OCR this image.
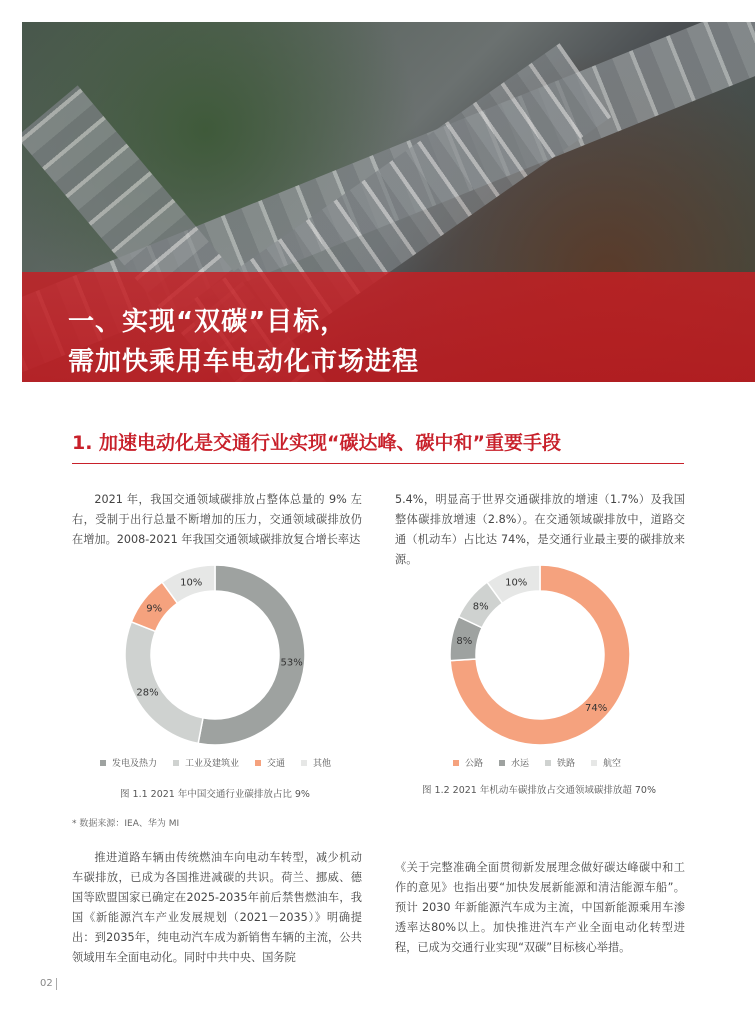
一、实现“双碳”目标，
需加快乘用车电动化市场进程
1. 加速电动化是交通行业实现“碳达峰、碳中和”重要手段

2021 年，我国交通领域碳排放占整体总量的 9% 左右，受制于出行总量不断增加的压力，交通领域碳排放仍在增加。2008-2021 年我国交通领域碳排放复合增长率达

5.4%，明显高于世界交通碳排放的增速（1.7%）及我国整体碳排放增速（2.8%）。在交通领域碳排放中，道路交通（机动车）占比达 74%，是交通行业最主要的碳排放来源。

53%
28%
9%
10%
发电及热力	工业及建筑业	交通	其他

图 1.1 2021 年中国交通行业碳排放占比 9%

74%
8%
8%
10%
公路	水运	铁路	航空

图 1.2 2021 年机动车碳排放占交通领域碳排放超 70%

* 数据来源：IEA、华为 MI

推进道路车辆由传统燃油车向电动车转型，减少机动车碳排放，已成为各国推进减碳的共识。荷兰、挪威、德国等欧盟国家已确定在2025-2035年前后禁售燃油车，我国《新能源汽车产业发展规划（2021－2035）》明确提出：到2035年，纯电动汽车成为新销售车辆的主流，公共领域用车全面电动化。同时中共中央、国务院

《关于完整准确全面贯彻新发展理念做好碳达峰碳中和工作的意见》也指出要“加快发展新能源和清洁能源车船”。预计 2030 年新能源汽车成为主流，中国新能源乘用车渗透率达80%以上。加快推进汽车产业全面电动化转型进程，已成为交通行业实现“双碳”目标核心举措。

02
